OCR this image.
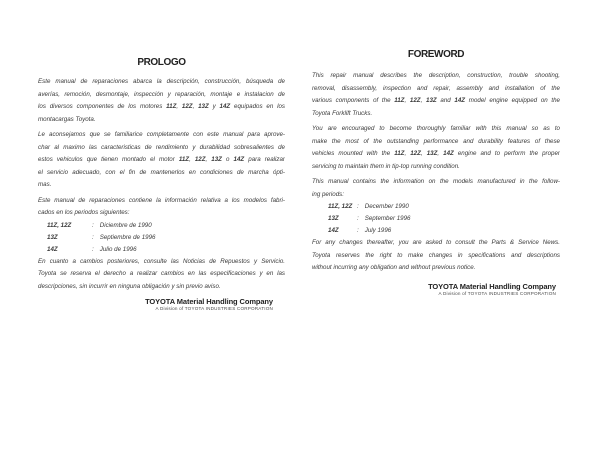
PROLOGO
Este manual de reparaciones abarca la descripción, construcción, búsqueda de
averías, remoción, desmontaje, inspección y reparación, montaje e instalacion de
los diversos componentes de los motores 11Z, 12Z, 13Z y 14Z equipados en los
montacargas Toyota.
Le aconsejamos que se familiarice completamente con este manual para aprove-
char al maximo las caracteristicas de rendimiento y durabilidad sobresalientes de
estos vehiculos que tienen montado el motor 11Z, 12Z, 13Z o 14Z para realizar
el servicio adecuado, con el fin de mantenerlos en condiciones de marcha ópti-
mas.
Este manual de reparaciones contiene la información relativa a los modelos fabri-
cados en los periodos siguientes:
11Z, 12Z	: Diciembre de 1990
13Z	: Septiembre de 1996
14Z	: Julio de 1996
En cuanto a cambios posteriores, consulte las Noticias de Repuestos y Servicio.
Toyota se reserva el derecho a realizar cambios en las especificaciones y en las
descripciones, sin incurrir en ninguna obligación y sin previo aviso.
TOYOTA Material Handling Company
A Division of TOYOTA INDUSTRIES CORPORATION
FOREWORD
This repair manual describes the description, construction, trouble shooting,
removal, disassembly, inspection and repair, assembly and installation of the
various components of the 11Z, 12Z, 13Z and 14Z model engine equipped on the
Toyota Forklift Trucks.
You are encouraged to become thoroughly familiar with this manual so as to
make the most of the outstanding performance and durability features of these
vehicles mounted with the 11Z, 12Z, 13Z, 14Z engine and to perform the proper
servicing to maintain them in tip-top running condition.
This manual contains the information on the models manufactured in the follow-
ing periods:
11Z, 12Z : December 1990
13Z	: September 1996
14Z	: July 1996
For any changes thereafter, you are asked to consult the Parts & Service News.
Toyota reserves the right to make changes in specifications and descriptions
without incurring any obligation and without previous notice.
TOYOTA Material Handling Company
A Division of TOYOTA INDUSTRIES CORPORATION
